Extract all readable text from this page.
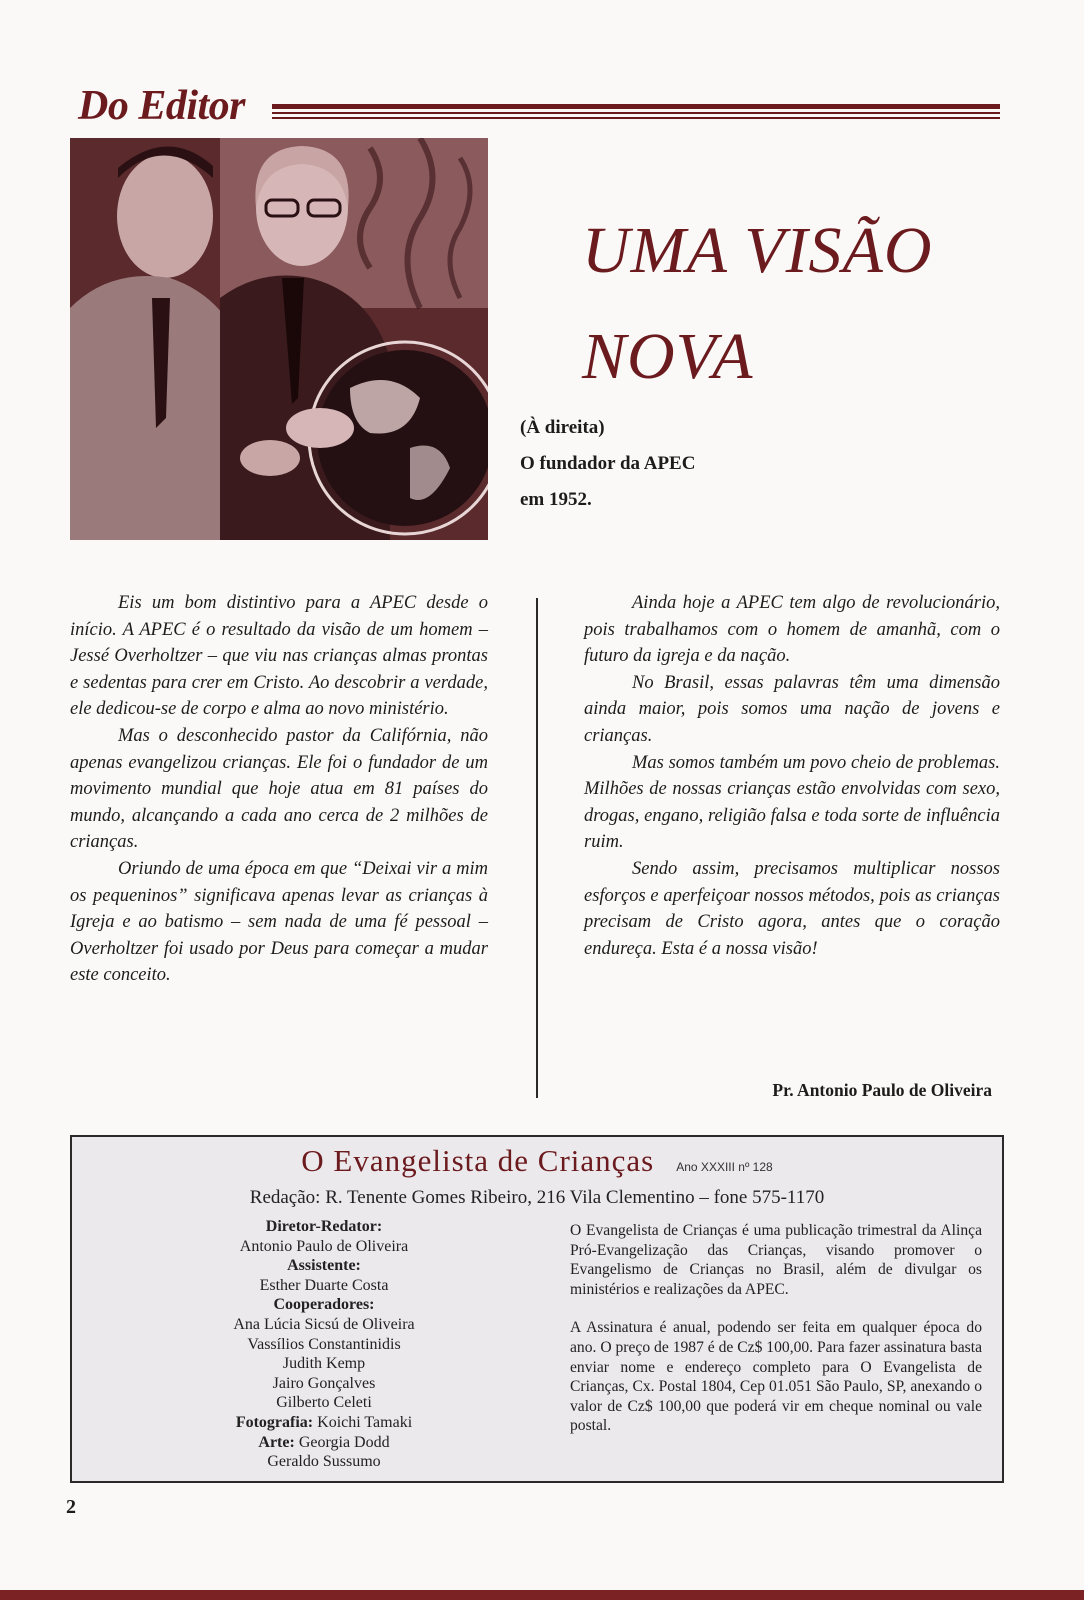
Do Editor
UMA VISÃO
NOVA
(À direita)
O fundador da APEC
em 1952.

Eis um bom distintivo para a APEC desde o início. A APEC é o resultado da visão de um homem – Jessé Overholtzer – que viu nas crianças almas prontas e sedentas para crer em Cristo. Ao descobrir a verdade, ele dedicou-se de corpo e alma ao novo ministério.

Mas o desconhecido pastor da Califórnia, não apenas evangelizou crianças. Ele foi o fundador de um movimento mundial que hoje atua em 81 países do mundo, alcançando a cada ano cerca de 2 milhões de crianças.

Oriundo de uma época em que “Deixai vir a mim os pequeninos” significava apenas levar as crianças à Igreja e ao batismo – sem nada de uma fé pessoal – Overholtzer foi usado por Deus para começar a mudar este conceito.

Ainda hoje a APEC tem algo de revolucionário, pois trabalhamos com o homem de amanhã, com o futuro da igreja e da nação.

No Brasil, essas palavras têm uma dimensão ainda maior, pois somos uma nação de jovens e crianças.

Mas somos também um povo cheio de problemas. Milhões de nossas crianças estão envolvidas com sexo, drogas, engano, religião falsa e toda sorte de influência ruim.

Sendo assim, precisamos multiplicar nossos esforços e aperfeiçoar nossos métodos, pois as crianças precisam de Cristo agora, antes que o coração endureça. Esta é a nossa visão!

Pr. Antonio Paulo de Oliveira
O Evangelista de Crianças Ano XXXIII nº 128
Redação: R. Tenente Gomes Ribeiro, 216 Vila Clementino – fone 575-1170
Diretor-Redator:
Antonio Paulo de Oliveira
Assistente:
Esther Duarte Costa
Cooperadores:
Ana Lúcia Sicsú de Oliveira
Vassílios Constantinidis
Judith Kemp
Jairo Gonçalves
Gilberto Celeti
Fotografia: Koichi Tamaki
Arte: Georgia Dodd
Geraldo Sussumo

O Evangelista de Crianças é uma publicação trimestral da Alinça Pró-Evangelização das Crianças, visando promover o Evangelismo de Crianças no Brasil, além de divulgar os ministérios e realizações da APEC.

A Assinatura é anual, podendo ser feita em qualquer época do ano. O preço de 1987 é de Cz$ 100,00. Para fazer assinatura basta enviar nome e endereço completo para O Evangelista de Crianças, Cx. Postal 1804, Cep 01.051 São Paulo, SP, anexando o valor de Cz$ 100,00 que poderá vir em cheque nominal ou vale postal.

2
